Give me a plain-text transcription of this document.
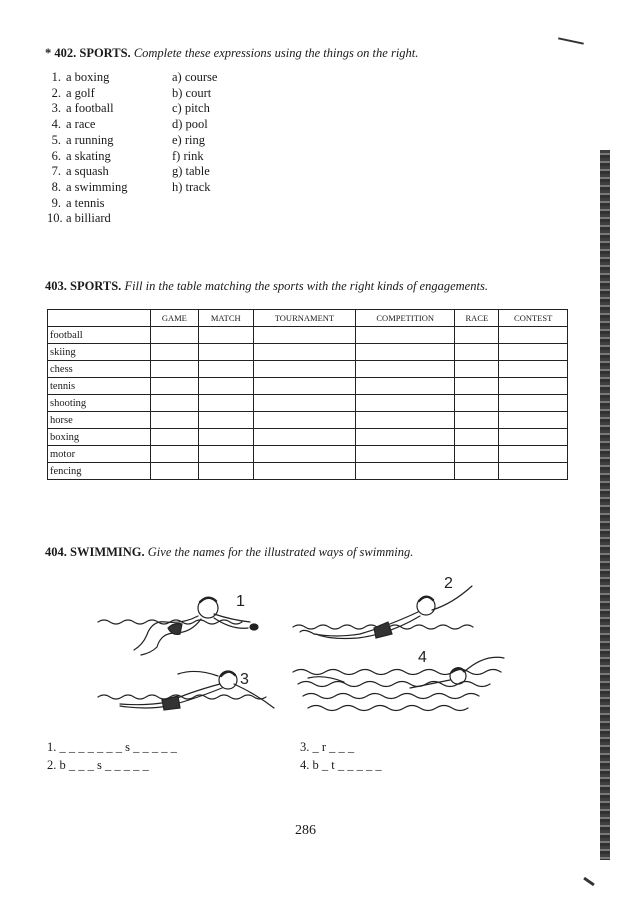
* 402. SPORTS. Complete these expressions using the things on the right.
1. a boxing
2. a golf
3. a football
4. a race
5. a running
6. a skating
7. a squash
8. a swimming
9. a tennis
10. a billiard
a) course
b) court
c) pitch
d) pool
e) ring
f) rink
g) table
h) track
403. SPORTS. Fill in the table matching the sports with the right kinds of engagements.
	GAME	MATCH	TOURNAMENT	COMPETITION	RACE	CONTEST
football						
skiing						
chess						
tennis						
shooting						
horse						
boxing						
motor						
fencing						
404. SWIMMING. Give the names for the illustrated ways of swimming.
1
2
3
4
1. _ _ _ _ _ _ _ s _ _ _ _ _
2. b _ _ _ s _ _ _ _ _
3. _ r _ _ _
4. b _ t _ _ _ _ _
286
